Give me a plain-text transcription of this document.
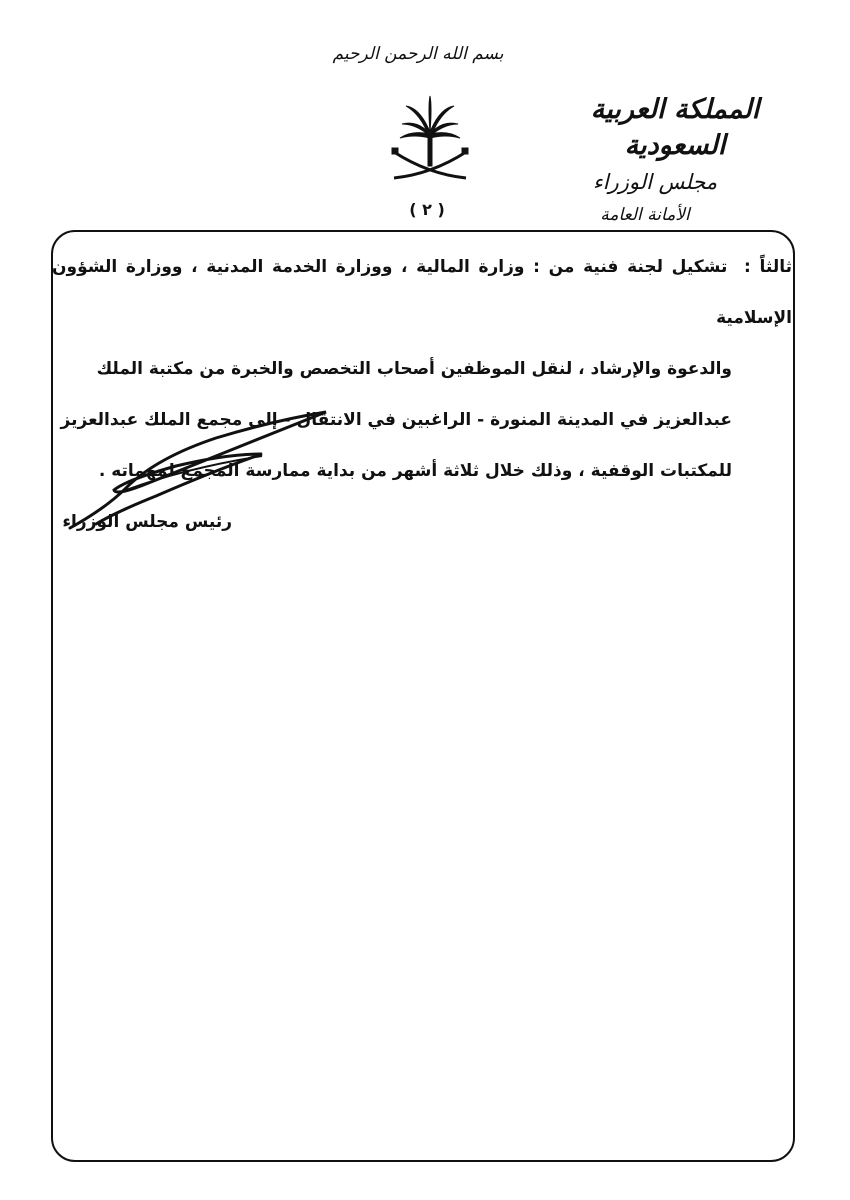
بسم الله الرحمن الرحيم
المملكة العربية السعودية
مجلس الوزراء
الأمانة العامة
( ٢ )
ثالثاً : تشكيل لجنة فنية من : وزارة المالية ، ووزارة الخدمة المدنية ، ووزارة الشؤون الإسلامية
والدعوة والإرشاد ، لنقل الموظفين أصحاب التخصص والخبرة من مكتبة الملك
عبدالعزيز في المدينة المنورة - الراغبين في الانتقال - إلى مجمع الملك عبدالعزيز
للمكتبات الوقفية ، وذلك خلال ثلاثة أشهر من بداية ممارسة المجمع لمهماته .
رئيس مجلس الوزراء
